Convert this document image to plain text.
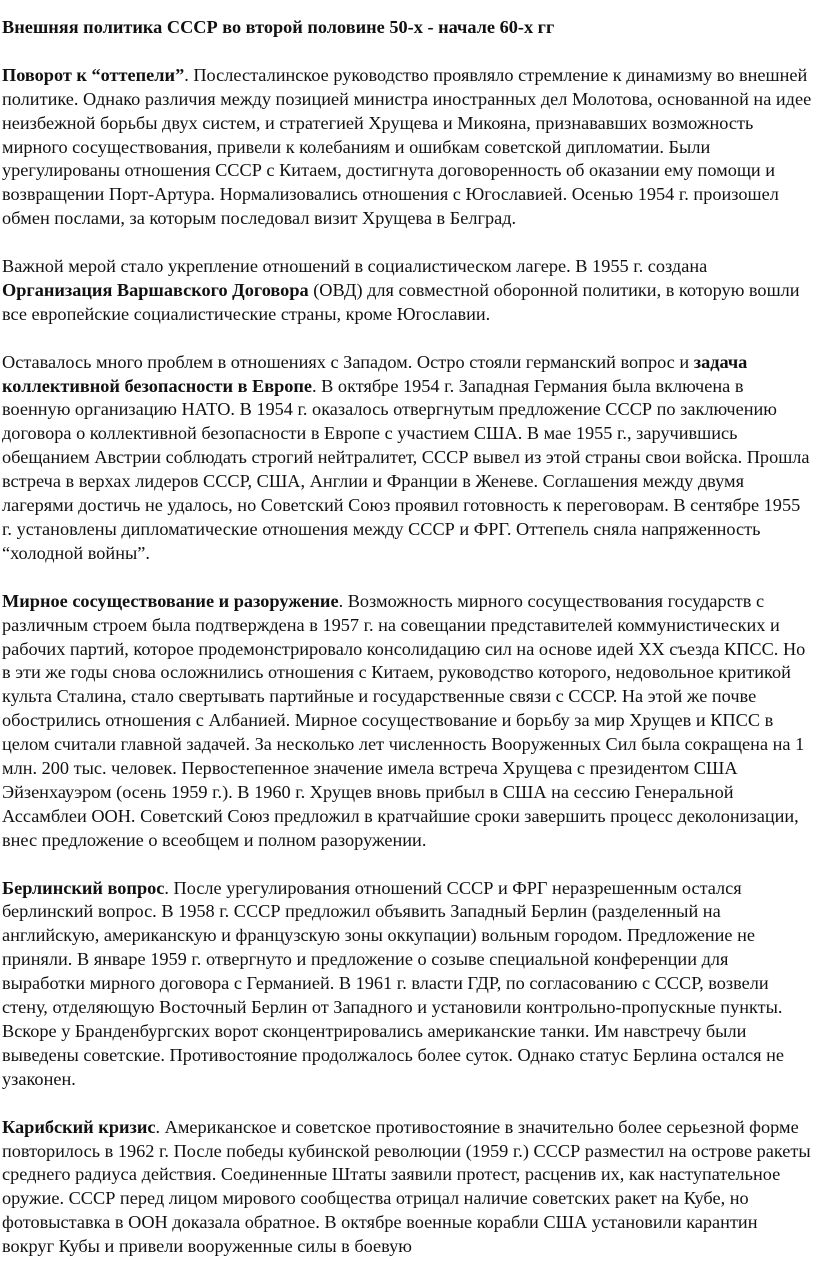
Внешняя политика СССР во второй половине 50-х - начале 60-х гг
Поворот к “оттепели”. Послесталинское руководство проявляло стремление к динамизму во внешней политике. Однако различия между позицией министра иностранных дел Молотова, основанной на идее неизбежной борьбы двух систем, и стратегией Хрущева и Микояна, признававших возможность мирного сосуществования, привели к колебаниям и ошибкам советской дипломатии. Были урегулированы отношения СССР с Китаем, достигнута договоренность об оказании ему помощи и возвращении Порт-Артура. Нормализовались отношения с Югославией. Осенью 1954 г. произошел обмен послами, за которым последовал визит Хрущева в Белград.
Важной мерой стало укрепление отношений в социалистическом лагере. В 1955 г. создана Организация Варшавского Договора (ОВД) для совместной оборонной политики, в которую вошли все европейские социалистические страны, кроме Югославии.
Оставалось много проблем в отношениях с Западом. Остро стояли германский вопрос и задача коллективной безопасности в Европе. В октябре 1954 г. Западная Германия была включена в военную организацию НАТО. В 1954 г. оказалось отвергнутым предложение СССР по заключению договора о коллективной безопасности в Европе с участием США. В мае 1955 г., заручившись обещанием Австрии соблюдать строгий нейтралитет, СССР вывел из этой страны свои войска. Прошла встреча в верхах лидеров СССР, США, Англии и Франции в Женеве. Соглашения между двумя лагерями достичь не удалось, но Советский Союз проявил готовность к переговорам. В сентябре 1955 г. установлены дипломатические отношения между СССР и ФРГ. Оттепель сняла напряженность “холодной войны”.
Мирное сосуществование и разоружение. Возможность мирного сосуществования государств с различным строем была подтверждена в 1957 г. на совещании представителей коммунистических и рабочих партий, которое продемонстрировало консолидацию сил на основе идей XX съезда КПСС. Но в эти же годы снова осложнились отношения с Китаем, руководство которого, недовольное критикой культа Сталина, стало свертывать партийные и государственные связи с СССР. На этой же почве обострились отношения с Албанией. Мирное сосуществование и борьбу за мир Хрущев и КПСС в целом считали главной задачей. За несколько лет численность Вооруженных Сил была сокращена на 1 млн. 200 тыс. человек. Первостепенное значение имела встреча Хрущева с президентом США Эйзенхауэром (осень 1959 г.). В 1960 г. Хрущев вновь прибыл в США на сессию Генеральной Ассамблеи ООН. Советский Союз предложил в кратчайшие сроки завершить процесс деколонизации, внес предложение о всеобщем и полном разоружении.
Берлинский вопрос. После урегулирования отношений СССР и ФРГ неразрешенным остался берлинский вопрос. В 1958 г. СССР предложил объявить Западный Берлин (разделенный на английскую, американскую и французскую зоны оккупации) вольным городом. Предложение не приняли. В январе 1959 г. отвергнуто и предложение о созыве специальной конференции для выработки мирного договора с Германией. В 1961 г. власти ГДР, по согласованию с СССР, возвели стену, отделяющую Восточный Берлин от Западного и установили контрольно-пропускные пункты. Вскоре у Бранденбургских ворот сконцентрировались американские танки. Им навстречу были выведены советские. Противостояние продолжалось более суток. Однако статус Берлина остался не узаконен.
Карибский кризис. Американское и советское противостояние в значительно более серьезной форме повторилось в 1962 г. После победы кубинской революции (1959 г.) СССР разместил на острове ракеты среднего радиуса действия. Соединенные Штаты заявили протест, расценив их, как наступательное оружие. СССР перед лицом мирового сообщества отрицал наличие советских ракет на Кубе, но фотовыставка в ООН доказала обратное. В октябре военные корабли США установили карантин вокруг Кубы и привели вооруженные силы в боевую
